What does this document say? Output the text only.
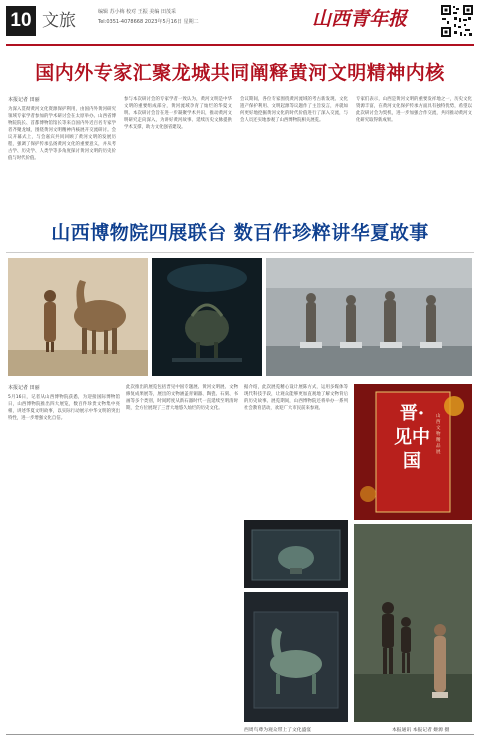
10 文旅	编辑 苏小梅 校对 王振 美编 田茂采
Tel:0351-4078668 2023年5月16日 星期二	山西青年报
国内外专家汇聚龙城共同阐释黄河文明精神内核
本报记者 田丽
为深入贯彻黄河文化资源保护利用，由国内外黄河研究领域专家学者参加的学术研讨会在太原举办。山西省博物院院长、首都博物馆馆长等来自国内外近百名专家学者齐聚龙城，围绕黄河文明精神内核展开交流研讨。会议开幕式上，与会嘉宾共同回顾了黄河文明的发展历程，强调了保护传承弘扬黄河文化的重要意义，并从考古学、历史学、人类学等多角度探讨黄河文明的历史价值与时代价值。
参与本次研讨会的专家学者一致认为，黄河文明是中华文明的重要组成部分，黄河流域孕育了灿烂的华夏文明。本次研讨会旨在进一步凝聚学术共识，推动黄河文明研究走向深入，为讲好黄河故事、延续历史文脉提供学术支撑，助力文化强省建设。
会议期间，各位专家围绕黄河流域的考古新发现、文化遗产保护利用、文明起源等议题作了主旨发言，并就如何更好地挖掘黄河文化的时代价值进行了深入交流，与会人员还实地参观了山西博物院相关展览。
专家们表示，山西是黄河文明的重要发祥地之一，历史文化资源丰富，在黄河文化保护传承方面具有独特优势，希望以此次研讨会为契机，进一步加强合作交流，共同推动黄河文化研究取得新成果。
山西博物院四展联台 数百件珍粹讲华夏故事
本报记者 田丽
5月16日，记者从山西博物院获悉，为迎接国际博物馆日，山西博物院推出四大展览，数百件珍贵文物集中亮相，讲述华夏文明故事，以实际行动展示中华文明的突出特性，进一步增强文化自信。
此次推出的展览包括晋见中国专题展、黄河文明展、文物修复成果展等，展出的文物涵盖青铜器、陶瓷、石刻、书画等多个类别，时间跨度从新石器时代一直延续至明清时期，全方位展现了三晋大地悠久灿烂的历史文化。
据介绍，此次展览精心设计展陈方式，运用多媒体等现代科技手段，让观众能够更加直观地了解文物背后的历史故事。展览期间，山西博物院还将举办一系列社会教育活动，欢迎广大市民前来参观。	晋·见中国
山西文物精品展
西周鸟尊为观众带上了文化盛宴	本报通讯 本报记者 姬源 摄
